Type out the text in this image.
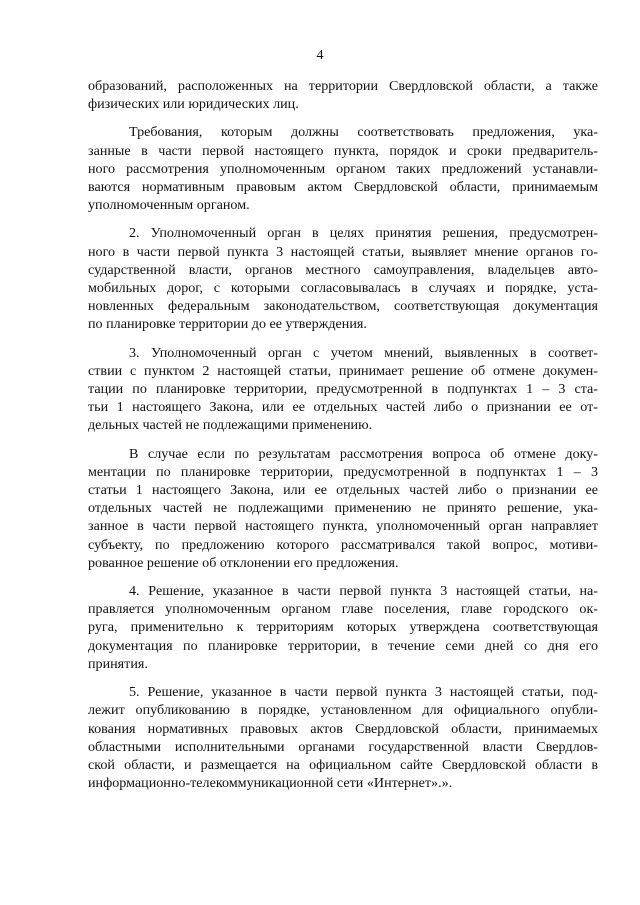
4

образований, расположенных на территории Свердловской области, а также
физических или юридических лиц.

Требования, которым должны соответствовать предложения, ука-
занные в части первой настоящего пункта, порядок и сроки предваритель-
ного рассмотрения уполномоченным органом таких предложений устанавли-
ваются нормативным правовым актом Свердловской области, принимаемым
уполномоченным органом.

2. Уполномоченный орган в целях принятия решения, предусмотрен-
ного в части первой пункта 3 настоящей статьи, выявляет мнение органов го-
сударственной власти, органов местного самоуправления, владельцев авто-
мобильных дорог, с которыми согласовывалась в случаях и порядке, уста-
новленных федеральным законодательством, соответствующая документация
по планировке территории до ее утверждения.

3. Уполномоченный орган с учетом мнений, выявленных в соответ-
ствии с пунктом 2 настоящей статьи, принимает решение об отмене докумен-
тации по планировке территории, предусмотренной в подпунктах 1 – 3 ста-
тьи 1 настоящего Закона, или ее отдельных частей либо о признании ее от-
дельных частей не подлежащими применению.

В случае если по результатам рассмотрения вопроса об отмене доку-
ментации по планировке территории, предусмотренной в подпунктах 1 – 3
статьи 1 настоящего Закона, или ее отдельных частей либо о признании ее
отдельных частей не подлежащими применению не принято решение, ука-
занное в части первой настоящего пункта, уполномоченный орган направляет
субъекту, по предложению которого рассматривался такой вопрос, мотиви-
рованное решение об отклонении его предложения.

4. Решение, указанное в части первой пункта 3 настоящей статьи, на-
правляется уполномоченным органом главе поселения, главе городского ок-
руга, применительно к территориям которых утверждена соответствующая
документация по планировке территории, в течение семи дней со дня его
принятия.

5. Решение, указанное в части первой пункта 3 настоящей статьи, под-
лежит опубликованию в порядке, установленном для официального опубли-
кования нормативных правовых актов Свердловской области, принимаемых
областными исполнительными органами государственной власти Свердлов-
ской области, и размещается на официальном сайте Свердловской области в
информационно-телекоммуникационной сети «Интернет».».
